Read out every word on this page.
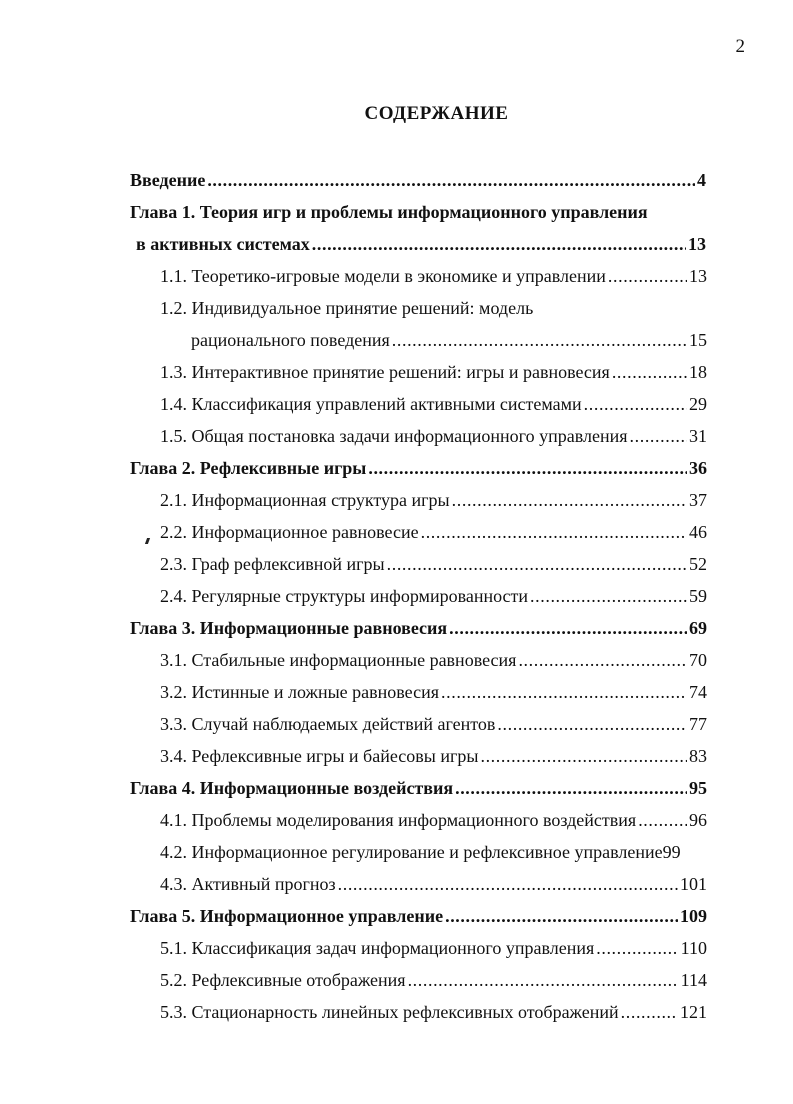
2
СОДЕРЖАНИЕ
Введение .....	4
Глава 1. Теория игр и проблемы информационного управления
в активных системах .....	13
1.1. Теоретико-игровые модели в экономике и управлении .....	13
1.2. Индивидуальное принятие решений: модель
рационального поведения .....	15
1.3. Интерактивное принятие решений: игры и равновесия .....	18
1.4. Классификация управлений активными системами .....	29
1.5. Общая постановка задачи информационного управления .....	31
Глава 2. Рефлексивные игры .....	36
2.1. Информационная структура игры .....	37
2.2. Информационное равновесие .....	46
2.3. Граф рефлексивной игры .....	52
2.4. Регулярные структуры информированности .....	59
Глава 3. Информационные равновесия .....	69
3.1. Стабильные информационные равновесия .....	70
3.2. Истинные и ложные равновесия .....	74
3.3. Случай наблюдаемых действий агентов .....	77
3.4. Рефлексивные игры и байесовы игры .....	83
Глава 4. Информационные воздействия .....	95
4.1. Проблемы моделирования информационного воздействия .....	96
4.2. Информационное регулирование и рефлексивное управление99
4.3. Активный прогноз .....	101
Глава 5. Информационное управление .....	109
5.1. Классификация задач информационного управления .....	110
5.2. Рефлексивные отображения .....	114
5.3. Стационарность линейных рефлексивных отображений .....	121
